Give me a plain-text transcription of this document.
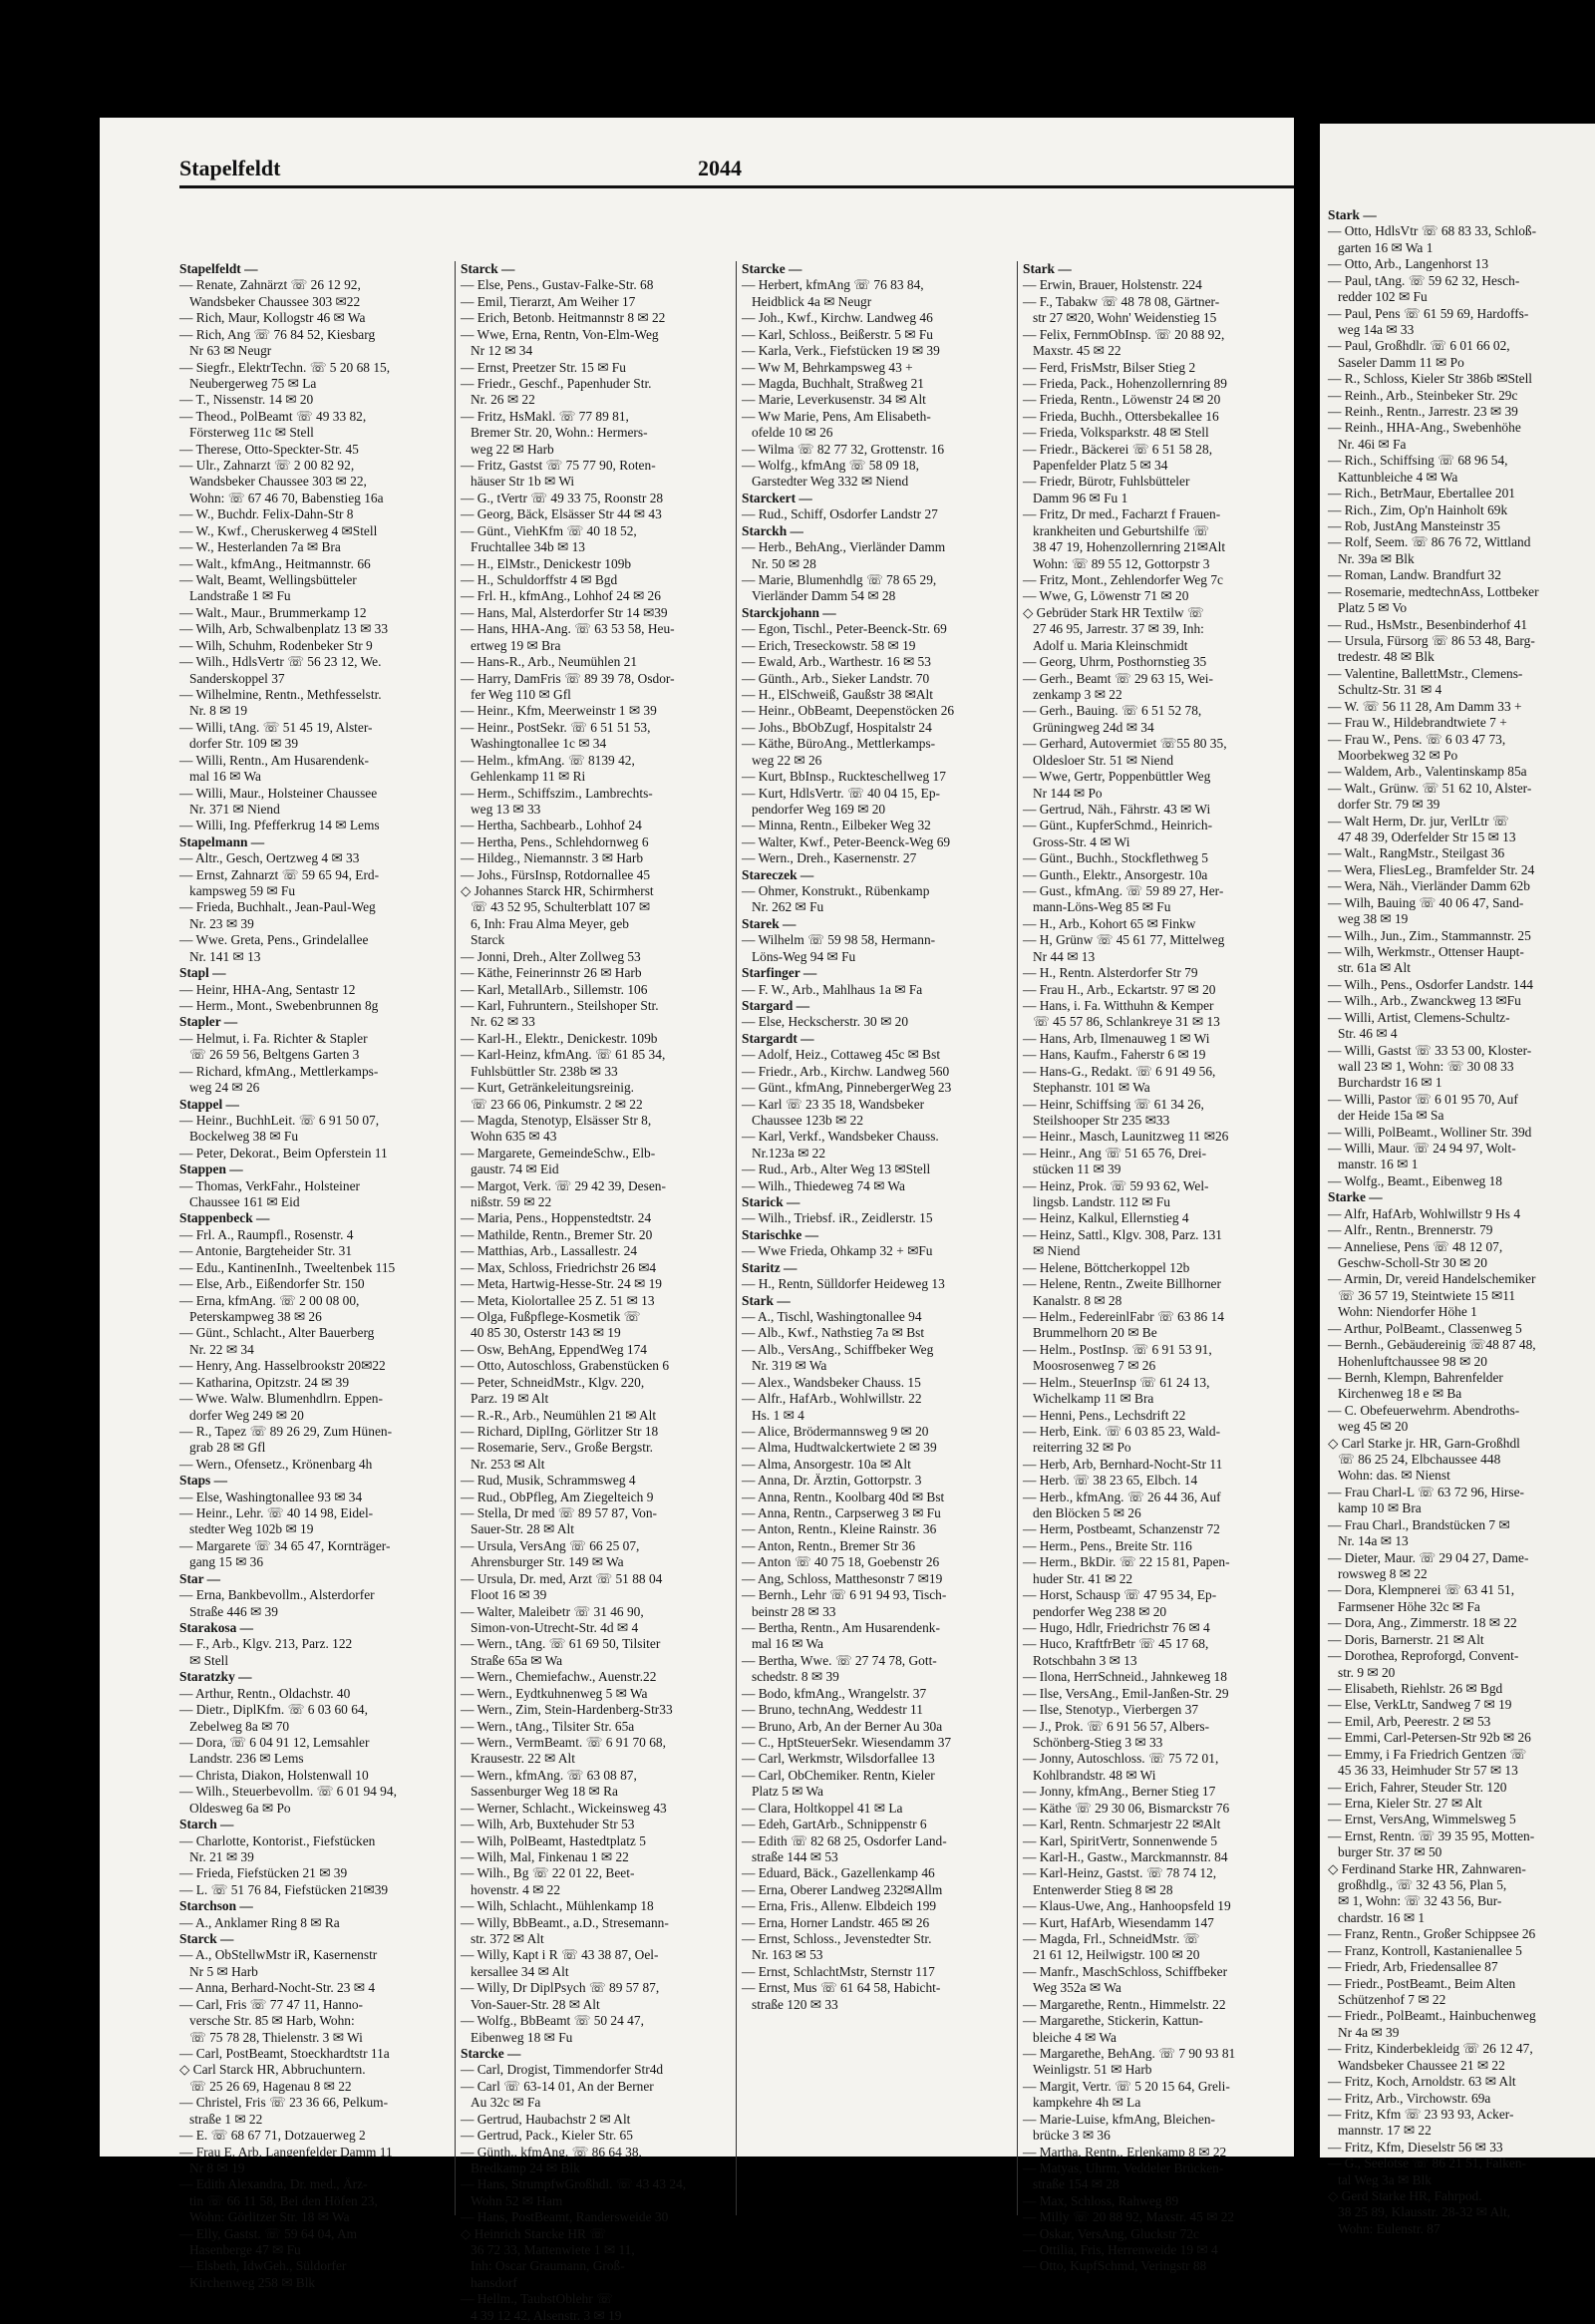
Stapelfeldt	2044
Stapelfeldt —
— Renate, Zahnärzt ☏ 26 12 92,
Wandsbeker Chaussee 303 ✉22
— Rich, Maur, Kollogstr 46 ✉ Wa
— Rich, Ang ☏ 76 84 52, Kiesbarg
Nr 63 ✉ Neugr
— Siegfr., ElektrTechn. ☏ 5 20 68 15,
Neubergerweg 75 ✉ La
— T., Nissenstr. 14 ✉ 20
— Theod., PolBeamt ☏ 49 33 82,
Försterweg 11c ✉ Stell
— Therese, Otto-Speckter-Str. 45
— Ulr., Zahnarzt ☏ 2 00 82 92,
Wandsbeker Chaussee 303 ✉ 22,
Wohn: ☏ 67 46 70, Babenstieg 16a
— W., Buchdr. Felix-Dahn-Str 8
— W., Kwf., Cheruskerweg 4 ✉Stell
— W., Hesterlanden 7a ✉ Bra
— Walt., kfmAng., Heitmannstr. 66
— Walt, Beamt, Wellingsbütteler
Landstraße 1 ✉ Fu
— Walt., Maur., Brummerkamp 12
— Wilh, Arb, Schwalbenplatz 13 ✉ 33
— Wilh, Schuhm, Rodenbeker Str 9
— Wilh., HdlsVertr ☏ 56 23 12, We.
Sanderskoppel 37
— Wilhelmine, Rentn., Methfesselstr.
Nr. 8 ✉ 19
— Willi, tAng. ☏ 51 45 19, Alster-
dorfer Str. 109 ✉ 39
— Willi, Rentn., Am Husarendenk-
mal 16 ✉ Wa
— Willi, Maur., Holsteiner Chaussee
Nr. 371 ✉ Niend
— Willi, Ing. Pfefferkrug 14 ✉ Lems
Stapelmann —
— Altr., Gesch, Oertzweg 4 ✉ 33
— Ernst, Zahnarzt ☏ 59 65 94, Erd-
kampsweg 59 ✉ Fu
— Frieda, Buchhalt., Jean-Paul-Weg
Nr. 23 ✉ 39
— Wwe. Greta, Pens., Grindelallee
Nr. 141 ✉ 13
Stapl —
— Heinr, HHA-Ang, Sentastr 12
— Herm., Mont., Swebenbrunnen 8g
Stapler —
— Helmut, i. Fa. Richter & Stapler
☏ 26 59 56, Beltgens Garten 3
— Richard, kfmAng., Mettlerkamps-
weg 24 ✉ 26
Stappel —
— Heinr., BuchhLeit. ☏ 6 91 50 07,
Bockelweg 38 ✉ Fu
— Peter, Dekorat., Beim Opferstein 11
Stappen —
— Thomas, VerkFahr., Holsteiner
Chaussee 161 ✉ Eid
Stappenbeck —
— Frl. A., Raumpfl., Rosenstr. 4
— Antonie, Bargteheider Str. 31
— Edu., KantinenInh., Tweeltenbek 115
— Else, Arb., Eißendorfer Str. 150
— Erna, kfmAng. ☏ 2 00 08 00,
Peterskampweg 38 ✉ 26
— Günt., Schlacht., Alter Bauerberg
Nr. 22 ✉ 34
— Henry, Ang. Hasselbrookstr 20✉22
— Katharina, Opitzstr. 24 ✉ 39
— Wwe. Walw. Blumenhdlrn. Eppen-
dorfer Weg 249 ✉ 20
— R., Tapez ☏ 89 26 29, Zum Hünen-
grab 28 ✉ Gfl
— Wern., Ofensetz., Krönenbarg 4h
Staps —
— Else, Washingtonallee 93 ✉ 34
— Heinr., Lehr. ☏ 40 14 98, Eidel-
stedter Weg 102b ✉ 19
— Margarete ☏ 34 65 47, Kornträger-
gang 15 ✉ 36
Star —
— Erna, Bankbevollm., Alsterdorfer
Straße 446 ✉ 39
Starakosa —
— F., Arb., Klgv. 213, Parz. 122
✉ Stell
Staratzky —
— Arthur, Rentn., Oldachstr. 40
— Dietr., DiplKfm. ☏ 6 03 60 64,
Zebelweg 8a ✉ 70
— Dora, ☏ 6 04 91 12, Lemsahler
Landstr. 236 ✉ Lems
— Christa, Diakon, Holstenwall 10
— Wilh., Steuerbevollm. ☏ 6 01 94 94,
Oldesweg 6a ✉ Po
Starch —
— Charlotte, Kontorist., Fiefstücken
Nr. 21 ✉ 39
— Frieda, Fiefstücken 21 ✉ 39
— L. ☏ 51 76 84, Fiefstücken 21✉39
Starchson —
— A., Anklamer Ring 8 ✉ Ra
Starck —
— A., ObStellwMstr iR, Kasernenstr
Nr 5 ✉ Harb
— Anna, Berhard-Nocht-Str. 23 ✉ 4
— Carl, Fris ☏ 77 47 11, Hanno-
versche Str. 85 ✉ Harb, Wohn:
☏ 75 78 28, Thielenstr. 3 ✉ Wi
— Carl, PostBeamt, Stoeckhardtstr 11a
◇ Carl Starck HR, Abbruchuntern.
☏ 25 26 69, Hagenau 8 ✉ 22
— Christel, Fris ☏ 23 36 66, Pelkum-
straße 1 ✉ 22
— E. ☏ 68 67 71, Dotzauerweg 2
— Frau E. Arb, Langenfelder Damm 11
Nr 8 ✉ 19
— Edith Alexandra, Dr. med., Ärz-
tin ☏ 66 11 58, Bei den Höfen 23,
Wohn: Görlitzer Str. 18 ✉ Wa
— Elly, Gastst. ☏ 59 64 04, Am
Hasenberge 47 ✉ Fu
— Elsbeth, IdwGeh., Süldorfer
Kirchenweg 258 ✉ Blk
Starck —
— Else, Pens., Gustav-Falke-Str. 68
— Emil, Tierarzt, Am Weiher 17
— Erich, Betonb. Heitmannstr 8 ✉ 22
— Wwe, Erna, Rentn, Von-Elm-Weg
Nr 12 ✉ 34
— Ernst, Preetzer Str. 15 ✉ Fu
— Friedr., Geschf., Papenhuder Str.
Nr. 26 ✉ 22
— Fritz, HsMakl. ☏ 77 89 81,
Bremer Str. 20, Wohn.: Hermers-
weg 22 ✉ Harb
— Fritz, Gastst ☏ 75 77 90, Roten-
häuser Str 1b ✉ Wi
— G., tVertr ☏ 49 33 75, Roonstr 28
— Georg, Bäck, Elsässer Str 44 ✉ 43
— Günt., ViehKfm ☏ 40 18 52,
Fruchtallee 34b ✉ 13
— H., ElMstr., Denickestr 109b
— H., Schuldorffstr 4 ✉ Bgd
— Frl. H., kfmAng., Lohhof 24 ✉ 26
— Hans, Mal, Alsterdorfer Str 14 ✉39
— Hans, HHA-Ang. ☏ 63 53 58, Heu-
ertweg 19 ✉ Bra
— Hans-R., Arb., Neumühlen 21
— Harry, DamFris ☏ 89 39 78, Osdor-
fer Weg 110 ✉ Gfl
— Heinr., Kfm, Meerweinstr 1 ✉ 39
— Heinr., PostSekr. ☏ 6 51 51 53,
Washingtonallee 1c ✉ 34
— Helm., kfmAng. ☏ 8139 42,
Gehlenkamp 11 ✉ Ri
— Herm., Schiffszim., Lambrechts-
weg 13 ✉ 33
— Hertha, Sachbearb., Lohhof 24
— Hertha, Pens., Schlehdornweg 6
— Hildeg., Niemannstr. 3 ✉ Harb
— Johs., FürsInsp, Rotdornallee 45
◇ Johannes Starck HR, Schirmherst
☏ 43 52 95, Schulterblatt 107 ✉
6, Inh: Frau Alma Meyer, geb
Starck
— Jonni, Dreh., Alter Zollweg 53
— Käthe, Feinerinnstr 26 ✉ Harb
— Karl, MetallArb., Sillemstr. 106
— Karl, Fuhruntern., Steilshoper Str.
Nr. 62 ✉ 33
— Karl-H., Elektr., Denickestr. 109b
— Karl-Heinz, kfmAng. ☏ 61 85 34,
Fuhlsbüttler Str. 238b ✉ 33
— Kurt, Getränkeleitungsreinig.
☏ 23 66 06, Pinkumstr. 2 ✉ 22
— Magda, Stenotyp, Elsässer Str 8,
Wohn 635 ✉ 43
— Margarete, GemeindeSchw., Elb-
gaustr. 74 ✉ Eid
— Margot, Verk. ☏ 29 42 39, Desen-
nißstr. 59 ✉ 22
— Maria, Pens., Hoppenstedtstr. 24
— Mathilde, Rentn., Bremer Str. 20
— Matthias, Arb., Lassallestr. 24
— Max, Schloss, Friedrichstr 26 ✉4
— Meta, Hartwig-Hesse-Str. 24 ✉ 19
— Meta, Kiolortallee 25 Z. 51 ✉ 13
— Olga, Fußpflege-Kosmetik ☏
40 85 30, Osterstr 143 ✉ 19
— Osw, BehAng, EppendWeg 174
— Otto, Autoschloss, Grabenstücken 6
— Peter, SchneidMstr., Klgv. 220,
Parz. 19 ✉ Alt
— R.-R., Arb., Neumühlen 21 ✉ Alt
— Richard, DiplIng, Görlitzer Str 18
— Rosemarie, Serv., Große Bergstr.
Nr. 253 ✉ Alt
— Rud, Musik, Schrammsweg 4
— Rud., ObPfleg, Am Ziegelteich 9
— Stella, Dr med ☏ 89 57 87, Von-
Sauer-Str. 28 ✉ Alt
— Ursula, VersAng ☏ 66 25 07,
Ahrensburger Str. 149 ✉ Wa
— Ursula, Dr. med, Arzt ☏ 51 88 04
Floot 16 ✉ 39
— Walter, Maleibetr ☏ 31 46 90,
Simon-von-Utrecht-Str. 4d ✉ 4
— Wern., tAng. ☏ 61 69 50, Tilsiter
Straße 65a ✉ Wa
— Wern., Chemiefachw., Auenstr.22
— Wern., Eydtkuhnenweg 5 ✉ Wa
— Wern., Zim, Stein-Hardenberg-Str33
— Wern., tAng., Tilsiter Str. 65a
— Wern., VermBeamt. ☏ 6 91 70 68,
Krausestr. 22 ✉ Alt
— Wern., kfmAng. ☏ 63 08 87,
Sassenburger Weg 18 ✉ Ra
— Werner, Schlacht., Wickeinsweg 43
— Wilh, Arb, Buxtehuder Str 53
— Wilh, PolBeamt, Hastedtplatz 5
— Wilh, Mal, Finkenau 1 ✉ 22
— Wilh., Bg ☏ 22 01 22, Beet-
hovenstr. 4 ✉ 22
— Wilh, Schlacht., Mühlenkamp 18
— Willy, BbBeamt., a.D., Stresemann-
str. 372 ✉ Alt
— Willy, Kapt i R ☏ 43 38 87, Oel-
kersallee 34 ✉ Alt
— Willy, Dr DiplPsych ☏ 89 57 87,
Von-Sauer-Str. 28 ✉ Alt
— Wolfg., BbBeamt ☏ 50 24 47,
Eibenweg 18 ✉ Fu
Starcke —
— Carl, Drogist, Timmendorfer Str4d
— Carl ☏ 63-14 01, An der Berner
Au 32c ✉ Fa
— Gertrud, Haubachstr 2 ✉ Alt
— Gertrud, Pack., Kieler Str. 65
— Günth., kfmAng. ☏ 86 64 38,
Bredkamp 24 ✉ Blk
— Hans, StrumpfwGroßhdl. ☏ 43 43 24,
Wohn 52 ✉ Ham
— Hans, PostBeamt, Randersweide 30
◇ Heinrich Starcke HR ☏
36 72 33, Mattenwiete 1 ✉ 11,
Inh: Oscar Graumann, Groß-
hansdorf
— Hellm., TaubstOblehr ☏
4 39 12 42, Alsenstr. 3 ✉ 19
Starcke —
— Herbert, kfmAng ☏ 76 83 84,
Heidblick 4a ✉ Neugr
— Joh., Kwf., Kirchw. Landweg 46
— Karl, Schloss., Beißerstr. 5 ✉ Fu
— Karla, Verk., Fiefstücken 19 ✉ 39
— Ww M, Behrkampsweg 43 +
— Magda, Buchhalt, Straßweg 21
— Marie, Leverkusenstr. 34 ✉ Alt
— Ww Marie, Pens, Am Elisabeth-
ofelde 10 ✉ 26
— Wilma ☏ 82 77 32, Grottenstr. 16
— Wolfg., kfmAng ☏ 58 09 18,
Garstedter Weg 332 ✉ Niend
Starckert —
— Rud., Schiff, Osdorfer Landstr 27
Starckh —
— Herb., BehAng., Vierländer Damm
Nr. 50 ✉ 28
— Marie, Blumenhdlg ☏ 78 65 29,
Vierländer Damm 54 ✉ 28
Starckjohann —
— Egon, Tischl., Peter-Beenck-Str. 69
— Erich, Treseckowstr. 58 ✉ 19
— Ewald, Arb., Warthestr. 16 ✉ 53
— Günth., Arb., Sieker Landstr. 70
— H., ElSchweiß, Gaußstr 38 ✉Alt
— Heinr., ObBeamt, Deepenstöcken 26
— Johs., BbObZugf, Hospitalstr 24
— Käthe, BüroAng., Mettlerkamps-
weg 22 ✉ 26
— Kurt, BbInsp., Ruckteschellweg 17
— Kurt, HdlsVertr. ☏ 40 04 15, Ep-
pendorfer Weg 169 ✉ 20
— Minna, Rentn., Eilbeker Weg 32
— Walter, Kwf., Peter-Beenck-Weg 69
— Wern., Dreh., Kasernenstr. 27
Stareczek —
— Ohmer, Konstrukt., Rübenkamp
Nr. 262 ✉ Fu
Starek —
— Wilhelm ☏ 59 98 58, Hermann-
Löns-Weg 94 ✉ Fu
Starfinger —
— F. W., Arb., Mahlhaus 1a ✉ Fa
Stargard —
— Else, Heckscherstr. 30 ✉ 20
Stargardt —
— Adolf, Heiz., Cottaweg 45c ✉ Bst
— Friedr., Arb., Kirchw. Landweg 560
— Günt., kfmAng, PinnebergerWeg 23
— Karl ☏ 23 35 18, Wandsbeker
Chaussee 123b ✉ 22
— Karl, Verkf., Wandsbeker Chauss.
Nr.123a ✉ 22
— Rud., Arb., Alter Weg 13 ✉Stell
— Wilh., Thiedeweg 74 ✉ Wa
Starick —
— Wilh., Triebsf. iR., Zeidlerstr. 15
Starischke —
— Wwe Frieda, Ohkamp 32 + ✉Fu
Staritz —
— H., Rentn, Sülldorfer Heideweg 13
Stark —
— A., Tischl, Washingtonallee 94
— Alb., Kwf., Nathstieg 7a ✉ Bst
— Alb., VersAng., Schiffbeker Weg
Nr. 319 ✉ Wa
— Alex., Wandsbeker Chauss. 15
— Alfr., HafArb., Wohlwillstr. 22
Hs. 1 ✉ 4
— Alice, Brödermannsweg 9 ✉ 20
— Alma, Hudtwalckertwiete 2 ✉ 39
— Alma, Ansorgestr. 10a ✉ Alt
— Anna, Dr. Ärztin, Gottorpstr. 3
— Anna, Rentn., Koolbarg 40d ✉ Bst
— Anna, Rentn., Carpserweg 3 ✉ Fu
— Anton, Rentn., Kleine Rainstr. 36
— Anton, Rentn., Bremer Str 36
— Anton ☏ 40 75 18, Goebenstr 26
— Ang, Schloss, Matthesonstr 7 ✉19
— Bernh., Lehr ☏ 6 91 94 93, Tisch-
beinstr 28 ✉ 33
— Bertha, Rentn., Am Husarendenk-
mal 16 ✉ Wa
— Bertha, Wwe. ☏ 27 74 78, Gott-
schedstr. 8 ✉ 39
— Bodo, kfmAng., Wrangelstr. 37
— Bruno, technAng, Weddestr 11
— Bruno, Arb, An der Berner Au 30a
— C., HptSteuerSekr. Wiesendamm 37
— Carl, Werkmstr, Wilsdorfallee 13
— Carl, ObChemiker. Rentn, Kieler
Platz 5 ✉ Wa
— Clara, Holtkoppel 41 ✉ La
— Edeh, GartArb., Schnippenstr 6
— Edith ☏ 82 68 25, Osdorfer Land-
straße 144 ✉ 53
— Eduard, Bäck., Gazellenkamp 46
— Erna, Oberer Landweg 232✉Allm
— Erna, Fris., Allenw. Elbdeich 199
— Erna, Horner Landstr. 465 ✉ 26
— Ernst, Schloss., Jevenstedter Str.
Nr. 163 ✉ 53
— Ernst, SchlachtMstr, Sternstr 117
— Ernst, Mus ☏ 61 64 58, Habicht-
straße 120 ✉ 33
Stark —
— Erwin, Brauer, Holstenstr. 224
— F., Tabakw ☏ 48 78 08, Gärtner-
str 27 ✉20, Wohn' Weidenstieg 15
— Felix, FernmObInsp. ☏ 20 88 92,
Maxstr. 45 ✉ 22
— Ferd, FrisMstr, Bilser Stieg 2
— Frieda, Pack., Hohenzollernring 89
— Frieda, Rentn., Löwenstr 24 ✉ 20
— Frieda, Buchh., Ottersbekallee 16
— Frieda, Volksparkstr. 48 ✉ Stell
— Friedr., Bäckerei ☏ 6 51 58 28,
Papenfelder Platz 5 ✉ 34
— Friedr, Bürotr, Fuhlsbütteler
Damm 96 ✉ Fu 1
— Fritz, Dr med., Facharzt f Frauen-
krankheiten und Geburtshilfe ☏
38 47 19, Hohenzollernring 21✉Alt
Wohn: ☏ 89 55 12, Gottorpstr 3
— Fritz, Mont., Zehlendorfer Weg 7c
— Wwe, G, Löwenstr 71 ✉ 20
◇ Gebrüder Stark HR Textilw ☏
27 46 95, Jarrestr. 37 ✉ 39, Inh:
Adolf u. Maria Kleinschmidt
— Georg, Uhrm, Posthornstieg 35
— Gerh., Beamt ☏ 29 63 15, Wei-
zenkamp 3 ✉ 22
— Gerh., Bauing. ☏ 6 51 52 78,
Grüningweg 24d ✉ 34
— Gerhard, Autovermiet ☏55 80 35,
Oldesloer Str. 51 ✉ Niend
— Wwe, Gertr, Poppenbüttler Weg
Nr 144 ✉ Po
— Gertrud, Näh., Fährstr. 43 ✉ Wi
— Günt., KupferSchmd., Heinrich-
Gross-Str. 4 ✉ Wi
— Günt., Buchh., Stockflethweg 5
— Gunth., Elektr., Ansorgestr. 10a
— Gust., kfmAng. ☏ 59 89 27, Her-
mann-Löns-Weg 85 ✉ Fu
— H., Arb., Kohort 65 ✉ Finkw
— H, Grünw ☏ 45 61 77, Mittelweg
Nr 44 ✉ 13
— H., Rentn. Alsterdorfer Str 79
— Frau H., Arb., Eckartstr. 97 ✉ 20
— Hans, i. Fa. Witthuhn & Kemper
☏ 45 57 86, Schlankreye 31 ✉ 13
— Hans, Arb, Ilmenauweg 1 ✉ Wi
— Hans, Kaufm., Faherstr 6 ✉ 19
— Hans-G., Redakt. ☏ 6 91 49 56,
Stephanstr. 101 ✉ Wa
— Heinr, Schiffsing ☏ 61 34 26,
Steilshooper Str 235 ✉33
— Heinr., Masch, Launitzweg 11 ✉26
— Heinr., Ang ☏ 51 65 76, Drei-
stücken 11 ✉ 39
— Heinz, Prok. ☏ 59 93 62, Wel-
lingsb. Landstr. 112 ✉ Fu
— Heinz, Kalkul, Ellernstieg 4
— Heinz, Sattl., Klgv. 308, Parz. 131
✉ Niend
— Helene, Böttcherkoppel 12b
— Helene, Rentn., Zweite Billhorner
Kanalstr. 8 ✉ 28
— Helm., FedereinlFabr ☏ 63 86 14
Brummelhorn 20 ✉ Be
— Helm., PostInsp. ☏ 6 91 53 91,
Moosrosenweg 7 ✉ 26
— Helm., SteuerInsp ☏ 61 24 13,
Wichelkamp 11 ✉ Bra
— Henni, Pens., Lechsdrift 22
— Herb, Eink. ☏ 6 03 85 23, Wald-
reiterring 32 ✉ Po
— Herb, Arb, Bernhard-Nocht-Str 11
— Herb. ☏ 38 23 65, Elbch. 14
— Herb., kfmAng. ☏ 26 44 36, Auf
den Blöcken 5 ✉ 26
— Herm, Postbeamt, Schanzenstr 72
— Herm., Pens., Breite Str. 116
— Herm., BkDir. ☏ 22 15 81, Papen-
huder Str. 41 ✉ 22
— Horst, Schausp ☏ 47 95 34, Ep-
pendorfer Weg 238 ✉ 20
— Hugo, Hdlr, Friedrichstr 76 ✉ 4
— Huco, KraftfrBetr ☏ 45 17 68,
Rotschbahn 3 ✉ 13
— Ilona, HerrSchneid., Jahnkeweg 18
— Ilse, VersAng., Emil-Janßen-Str. 29
— Ilse, Stenotyp., Vierbergen 37
— J., Prok. ☏ 6 91 56 57, Albers-
Schönberg-Stieg 3 ✉ 33
— Jonny, Autoschloss. ☏ 75 72 01,
Kohlbrandstr. 48 ✉ Wi
— Jonny, kfmAng., Berner Stieg 17
— Käthe ☏ 29 30 06, Bismarckstr 76
— Karl, Rentn. Schmarjestr 22 ✉Alt
— Karl, SpiritVertr, Sonnenwende 5
— Karl-H., Gastw., Marckmannstr. 84
— Karl-Heinz, Gastst. ☏ 78 74 12,
Entenwerder Stieg 8 ✉ 28
— Klaus-Uwe, Ang., Hanhoopsfeld 19
— Kurt, HafArb, Wiesendamm 147
— Magda, Frl., SchneidMstr. ☏
21 61 12, Heilwigstr. 100 ✉ 20
— Manfr., MaschSchloss, Schiffbeker
Weg 352a ✉ Wa
— Margarethe, Rentn., Himmelstr. 22
— Margarethe, Stickerin, Kattun-
bleiche 4 ✉ Wa
— Margarethe, BehAng. ☏ 7 90 93 81
Weinligstr. 51 ✉ Harb
— Margit, Vertr. ☏ 5 20 15 64, Greli-
kampkehre 4h ✉ La
— Marie-Luise, kfmAng, Bleichen-
brücke 3 ✉ 36
— Martha, Rentn., Erlenkamp 8 ✉ 22
— Matyas, Uhrm, Veddeler Brücken-
straße 154 ✉ 28
— Max, Schloss, Rahweg 89
— Milly ☏ 20 88 92, Maxstr. 45 ✉ 22
— Oskar, VersAng, Gluckstr 72c
— Ottilia, Fris, Herrenweide 19 ✉ 4
— Otto, KupfSchmd, Veringstr 88
Stark —
— Otto, HdlsVtr ☏ 68 83 33, Schloß-
garten 16 ✉ Wa 1
— Otto, Arb., Langenhorst 13
— Paul, tAng. ☏ 59 62 32, Hesch-
redder 102 ✉ Fu
— Paul, Pens ☏ 61 59 69, Hardoffs-
weg 14a ✉ 33
— Paul, Großhdlr. ☏ 6 01 66 02,
Saseler Damm 11 ✉ Po
— R., Schloss, Kieler Str 386b ✉Stell
— Reinh., Arb., Steinbeker Str. 29c
— Reinh., Rentn., Jarrestr. 23 ✉ 39
— Reinh., HHA-Ang., Swebenhöhe
Nr. 46i ✉ Fa
— Rich., Schiffsing ☏ 68 96 54,
Kattunbleiche 4 ✉ Wa
— Rich., BetrMaur, Ebertallee 201
— Rich., Zim, Op'n Hainholt 69k
— Rob, JustAng Mansteinstr 35
— Rolf, Seem. ☏ 86 76 72, Wittland
Nr. 39a ✉ Blk
— Roman, Landw. Brandfurt 32
— Rosemarie, medtechnAss, Lottbeker
Platz 5 ✉ Vo
— Rud., HsMstr., Besenbinderhof 41
— Ursula, Fürsorg ☏ 86 53 48, Barg-
tredestr. 48 ✉ Blk
— Valentine, BallettMstr., Clemens-
Schultz-Str. 31 ✉ 4
— W. ☏ 56 11 28, Am Damm 33 +
— Frau W., Hildebrandtwiete 7 +
— Frau W., Pens. ☏ 6 03 47 73,
Moorbekweg 32 ✉ Po
— Waldem, Arb., Valentinskamp 85a
— Walt., Grünw. ☏ 51 62 10, Alster-
dorfer Str. 79 ✉ 39
— Walt Herm, Dr. jur, VerlLtr ☏
47 48 39, Oderfelder Str 15 ✉ 13
— Walt., RangMstr., Steilgast 36
— Wera, FliesLeg., Bramfelder Str. 24
— Wera, Näh., Vierländer Damm 62b
— Wilh, Bauing ☏ 40 06 47, Sand-
weg 38 ✉ 19
— Wilh., Jun., Zim., Stammannstr. 25
— Wilh, Werkmstr., Ottenser Haupt-
str. 61a ✉ Alt
— Wilh., Pens., Osdorfer Landstr. 144
— Wilh., Arb., Zwanckweg 13 ✉Fu
— Willi, Artist, Clemens-Schultz-
Str. 46 ✉ 4
— Willi, Gastst ☏ 33 53 00, Kloster-
wall 23 ✉ 1, Wohn: ☏ 30 08 33
Burchardstr 16 ✉ 1
— Willi, Pastor ☏ 6 01 95 70, Auf
der Heide 15a ✉ Sa
— Willi, PolBeamt., Wolliner Str. 39d
— Willi, Maur. ☏ 24 94 97, Wolt-
manstr. 16 ✉ 1
— Wolfg., Beamt., Eibenweg 18
Starke —
— Alfr, HafArb, Wohlwillstr 9 Hs 4
— Alfr., Rentn., Brennerstr. 79
— Anneliese, Pens ☏ 48 12 07,
Geschw-Scholl-Str 30 ✉ 20
— Armin, Dr, vereid Handelschemiker
☏ 36 57 19, Steintwiete 15 ✉11
Wohn: Niendorfer Höhe 1
— Arthur, PolBeamt., Classenweg 5
— Bernh., Gebäudereinig ☏48 87 48,
Hohenluftchaussee 98 ✉ 20
— Bernh, Klempn, Bahrenfelder
Kirchenweg 18 e ✉ Ba
— C. Obefeuerwehrm. Abendroths-
weg 45 ✉ 20
◇ Carl Starke jr. HR, Garn-Großhdl
☏ 86 25 24, Elbchaussee 448
Wohn: das. ✉ Nienst
— Frau Charl-L ☏ 63 72 96, Hirse-
kamp 10 ✉ Bra
— Frau Charl., Brandstücken 7 ✉
Nr. 14a ✉ 13
— Dieter, Maur. ☏ 29 04 27, Dame-
rowsweg 8 ✉ 22
— Dora, Klempnerei ☏ 63 41 51,
Farmsener Höhe 32c ✉ Fa
— Dora, Ang., Zimmerstr. 18 ✉ 22
— Doris, Barnerstr. 21 ✉ Alt
— Dorothea, Reproforgd, Convent-
str. 9 ✉ 20
— Elisabeth, Riehlstr. 26 ✉ Bgd
— Else, VerkLtr, Sandweg 7 ✉ 19
— Emil, Arb, Peerestr. 2 ✉ 53
— Emmi, Carl-Petersen-Str 92b ✉ 26
— Emmy, i Fa Friedrich Gentzen ☏
45 36 33, Heimhuder Str 57 ✉ 13
— Erich, Fahrer, Steuder Str. 120
— Erna, Kieler Str. 27 ✉ Alt
— Ernst, VersAng, Wimmelsweg 5
— Ernst, Rentn. ☏ 39 35 95, Motten-
burger Str. 37 ✉ 50
◇ Ferdinand Starke HR, Zahnwaren-
großhdlg., ☏ 32 43 56, Plan 5,
✉ 1, Wohn: ☏ 32 43 56, Bur-
chardstr. 16 ✉ 1
— Franz, Rentn., Großer Schippsee 26
— Franz, Kontroll, Kastanienallee 5
— Friedr, Arb, Friedensallee 87
— Friedr., PostBeamt., Beim Alten
Schützenhof 7 ✉ 22
— Friedr., PolBeamt., Hainbuchenweg
Nr 4a ✉ 39
— Fritz, Kinderbekleidg ☏ 26 12 47,
Wandsbeker Chaussee 21 ✉ 22
— Fritz, Koch, Arnoldstr. 63 ✉ Alt
— Fritz, Arb., Virchowstr. 69a
— Fritz, Kfm ☏ 23 93 93, Acker-
mannstr. 17 ✉ 22
— Fritz, Kfm, Dieselstr 56 ✉ 33
— G., Seelotse ☏ 86 21 51, Falken-
tal Weg 3a ✉ Blk
◇ Gerd Starke HR, Fahrpod.
38 25 89, Klausstr. 28-32 ✉ Alt,
Wohn: Eulenstr. 87
